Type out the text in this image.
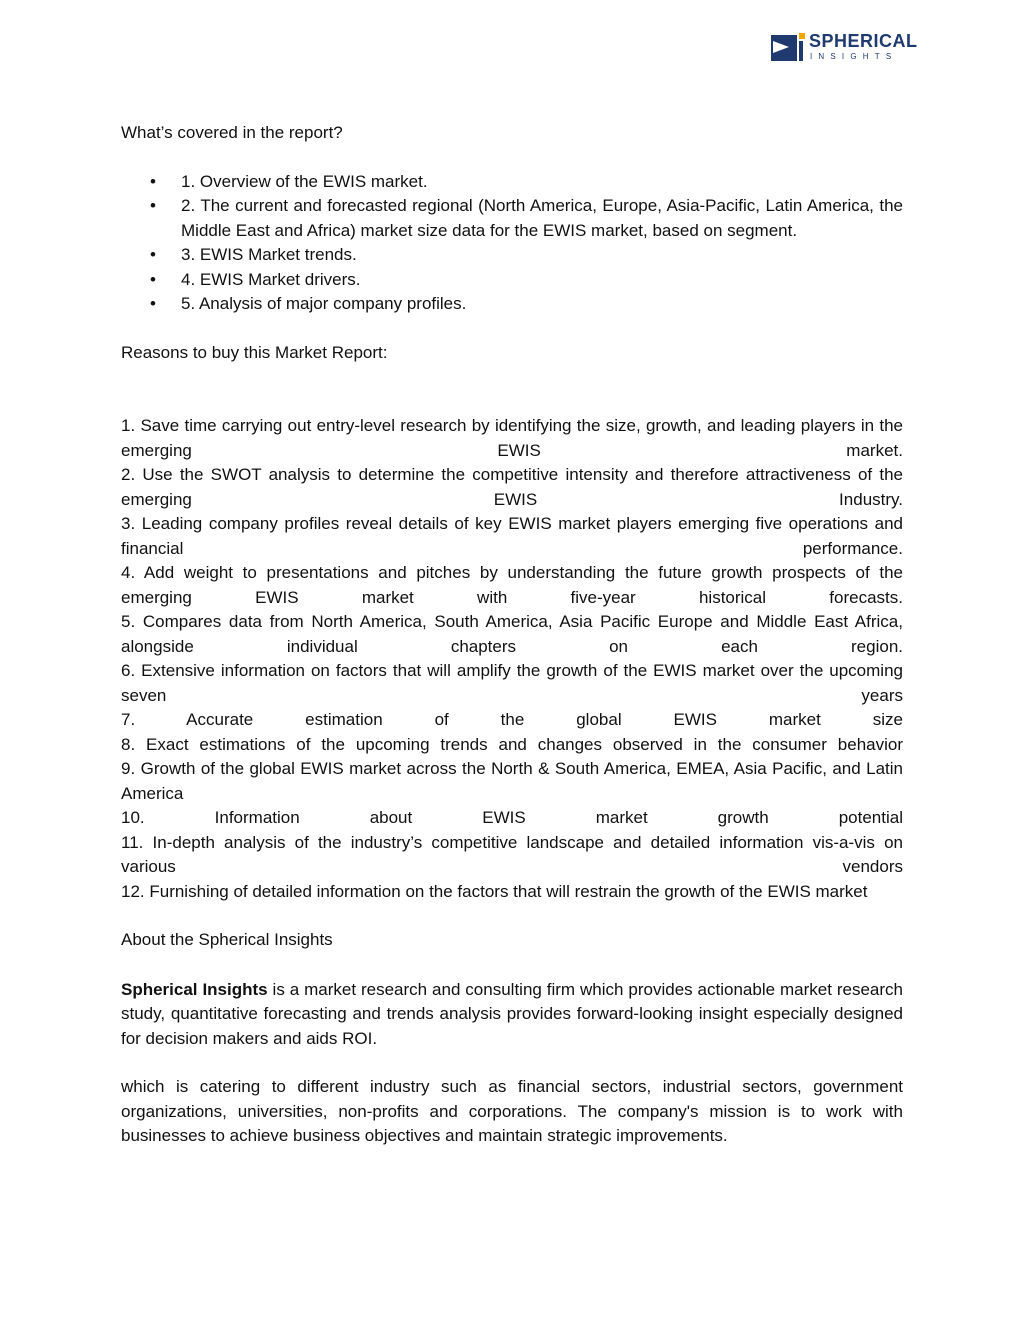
SPHERICAL
INSIGHTS

What’s covered in the report?

• 1. Overview of the EWIS market.
• 2. The current and forecasted regional (North America, Europe, Asia-Pacific, Latin America, the Middle East and Africa) market size data for the EWIS market, based on segment.
• 3. EWIS Market trends.
• 4. EWIS Market drivers.
• 5. Analysis of major company profiles.

Reasons to buy this Market Report:

1. Save time carrying out entry-level research by identifying the size, growth, and leading players in the emerging EWIS market.

2. Use the SWOT analysis to determine the competitive intensity and therefore attractiveness of the emerging EWIS Industry.

3. Leading company profiles reveal details of key EWIS market players emerging five operations and financial performance.

4. Add weight to presentations and pitches by understanding the future growth prospects of the emerging EWIS market with five-year historical forecasts.

5. Compares data from North America, South America, Asia Pacific Europe and Middle East Africa, alongside individual chapters on each region.

6. Extensive information on factors that will amplify the growth of the EWIS market over the upcoming seven years

7. Accurate estimation of the global EWIS market size

8. Exact estimations of the upcoming trends and changes observed in the consumer behavior

9. Growth of the global EWIS market across the North & South America, EMEA, Asia Pacific, and Latin America

10. Information about EWIS market growth potential

11. In-depth analysis of the industry’s competitive landscape and detailed information vis-a-vis on various vendors

12. Furnishing of detailed information on the factors that will restrain the growth of the EWIS market

About the Spherical Insights

Spherical Insights is a market research and consulting firm which provides actionable market research study, quantitative forecasting and trends analysis provides forward-looking insight especially designed for decision makers and aids ROI.

which is catering to different industry such as financial sectors, industrial sectors, government organizations, universities, non-profits and corporations. The company's mission is to work with businesses to achieve business objectives and maintain strategic improvements.
